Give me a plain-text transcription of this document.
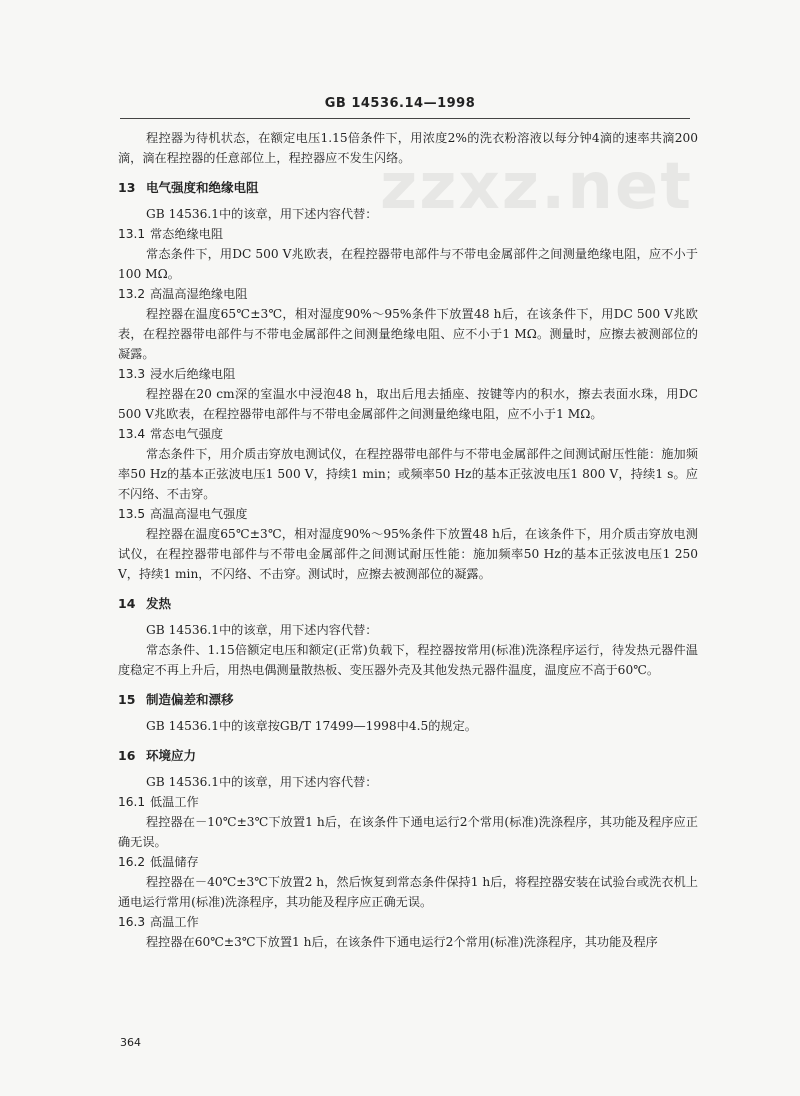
GB 14536.14—1998
zzxz.net

程控器为待机状态，在额定电压1.15倍条件下，用浓度2%的洗衣粉溶液以每分钟4滴的速率共滴200滴，滴在程控器的任意部位上，程控器应不发生闪络。

13 电气强度和绝缘电阻

GB 14536.1中的该章，用下述内容代替：

13.1 常态绝缘电阻

常态条件下，用DC 500 V兆欧表，在程控器带电部件与不带电金属部件之间测量绝缘电阻，应不小于100 MΩ。

13.2 高温高湿绝缘电阻

程控器在温度65℃±3℃，相对湿度90%～95%条件下放置48 h后，在该条件下，用DC 500 V兆欧表，在程控器带电部件与不带电金属部件之间测量绝缘电阻、应不小于1 MΩ。测量时，应擦去被测部位的凝露。

13.3 浸水后绝缘电阻

程控器在20 cm深的室温水中浸泡48 h，取出后甩去插座、按键等内的积水，擦去表面水珠，用DC 500 V兆欧表，在程控器带电部件与不带电金属部件之间测量绝缘电阻，应不小于1 MΩ。

13.4 常态电气强度

常态条件下，用介质击穿放电测试仪，在程控器带电部件与不带电金属部件之间测试耐压性能：施加频率50 Hz的基本正弦波电压1 500 V，持续1 min；或频率50 Hz的基本正弦波电压1 800 V，持续1 s。应不闪络、不击穿。

13.5 高温高湿电气强度

程控器在温度65℃±3℃，相对湿度90%～95%条件下放置48 h后，在该条件下，用介质击穿放电测试仪，在程控器带电部件与不带电金属部件之间测试耐压性能：施加频率50 Hz的基本正弦波电压1 250 V，持续1 min，不闪络、不击穿。测试时，应擦去被测部位的凝露。

14 发热

GB 14536.1中的该章，用下述内容代替：

常态条件、1.15倍额定电压和额定(正常)负载下，程控器按常用(标准)洗涤程序运行，待发热元器件温度稳定不再上升后，用热电偶测量散热板、变压器外壳及其他发热元器件温度，温度应不高于60℃。

15 制造偏差和漂移

GB 14536.1中的该章按GB/T 17499—1998中4.5的规定。

16 环境应力

GB 14536.1中的该章，用下述内容代替：

16.1 低温工作

程控器在－10℃±3℃下放置1 h后，在该条件下通电运行2个常用(标准)洗涤程序，其功能及程序应正确无误。

16.2 低温储存

程控器在－40℃±3℃下放置2 h，然后恢复到常态条件保持1 h后，将程控器安装在试验台或洗衣机上通电运行常用(标准)洗涤程序，其功能及程序应正确无误。

16.3 高温工作

程控器在60℃±3℃下放置1 h后，在该条件下通电运行2个常用(标准)洗涤程序，其功能及程序

364
